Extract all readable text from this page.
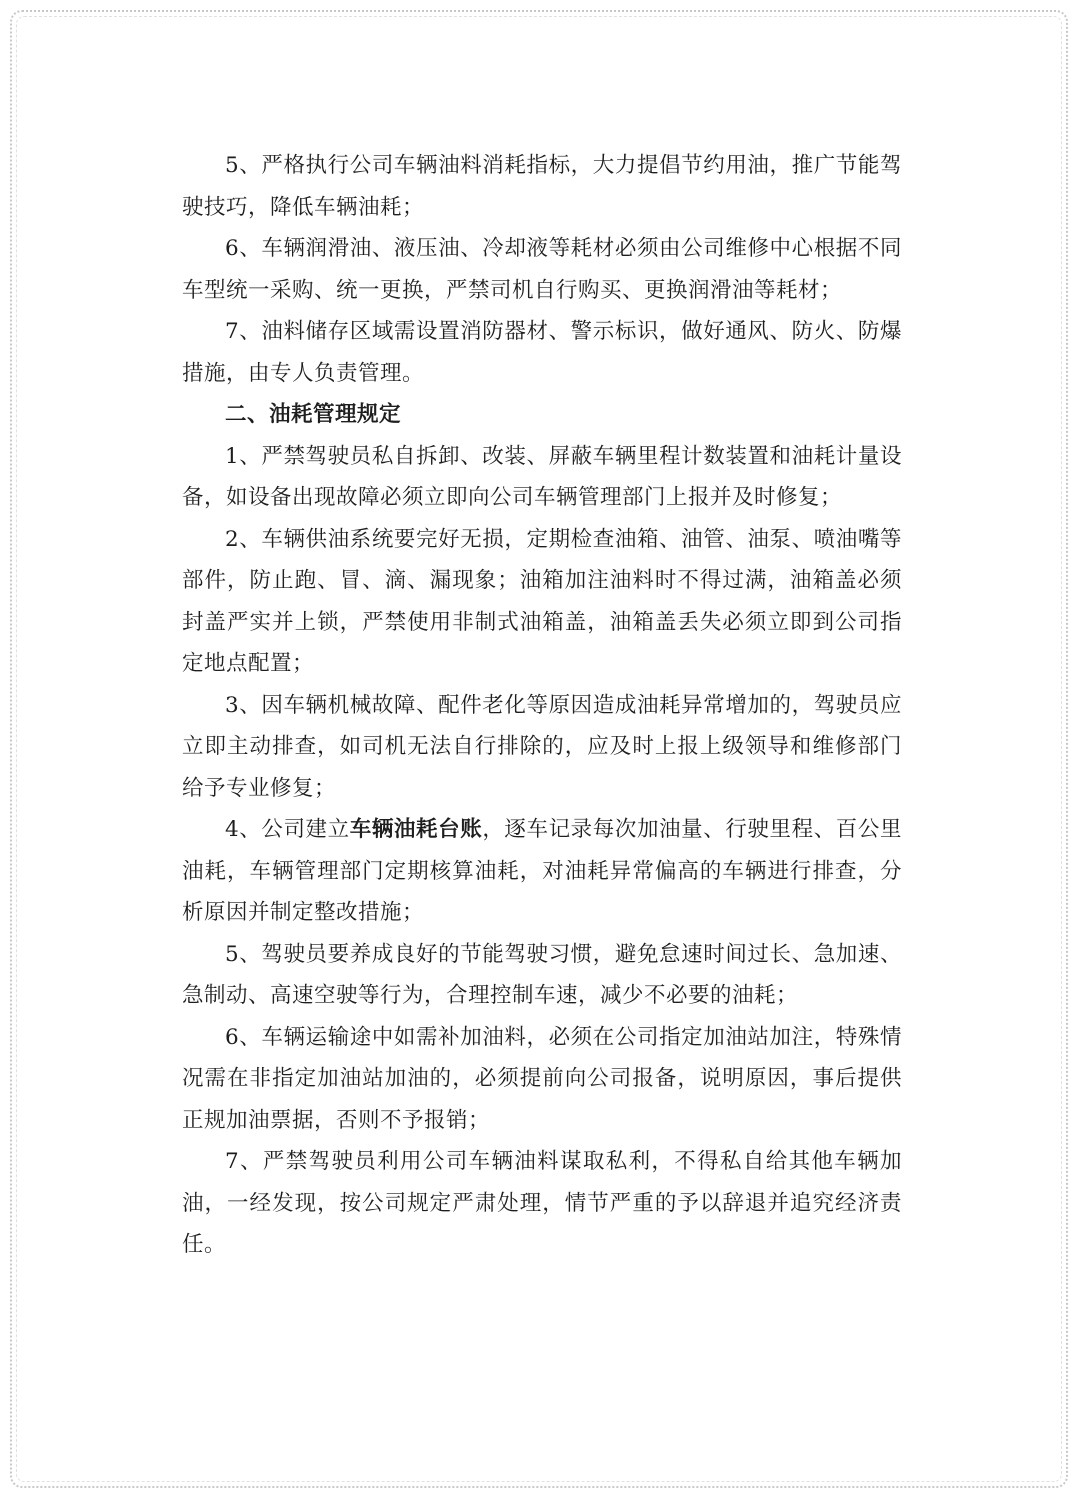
5、严格执行公司车辆油料消耗指标，大力提倡节约用油，推广节能驾驶技巧，降低车辆油耗；

6、车辆润滑油、液压油、冷却液等耗材必须由公司维修中心根据不同车型统一采购、统一更换，严禁司机自行购买、更换润滑油等耗材；

7、油料储存区域需设置消防器材、警示标识，做好通风、防火、防爆措施，由专人负责管理。

二、油耗管理规定

1、严禁驾驶员私自拆卸、改装、屏蔽车辆里程计数装置和油耗计量设备，如设备出现故障必须立即向公司车辆管理部门上报并及时修复；

2、车辆供油系统要完好无损，定期检查油箱、油管、油泵、喷油嘴等部件，防止跑、冒、滴、漏现象；油箱加注油料时不得过满，油箱盖必须封盖严实并上锁，严禁使用非制式油箱盖，油箱盖丢失必须立即到公司指定地点配置；

3、因车辆机械故障、配件老化等原因造成油耗异常增加的，驾驶员应立即主动排查，如司机无法自行排除的，应及时上报上级领导和维修部门给予专业修复；

4、公司建立车辆油耗台账，逐车记录每次加油量、行驶里程、百公里油耗，车辆管理部门定期核算油耗，对油耗异常偏高的车辆进行排查，分析原因并制定整改措施；

5、驾驶员要养成良好的节能驾驶习惯，避免怠速时间过长、急加速、急制动、高速空驶等行为，合理控制车速，减少不必要的油耗；

6、车辆运输途中如需补加油料，必须在公司指定加油站加注，特殊情况需在非指定加油站加油的，必须提前向公司报备，说明原因，事后提供正规加油票据，否则不予报销；

7、严禁驾驶员利用公司车辆油料谋取私利，不得私自给其他车辆加油，一经发现，按公司规定严肃处理，情节严重的予以辞退并追究经济责任。
